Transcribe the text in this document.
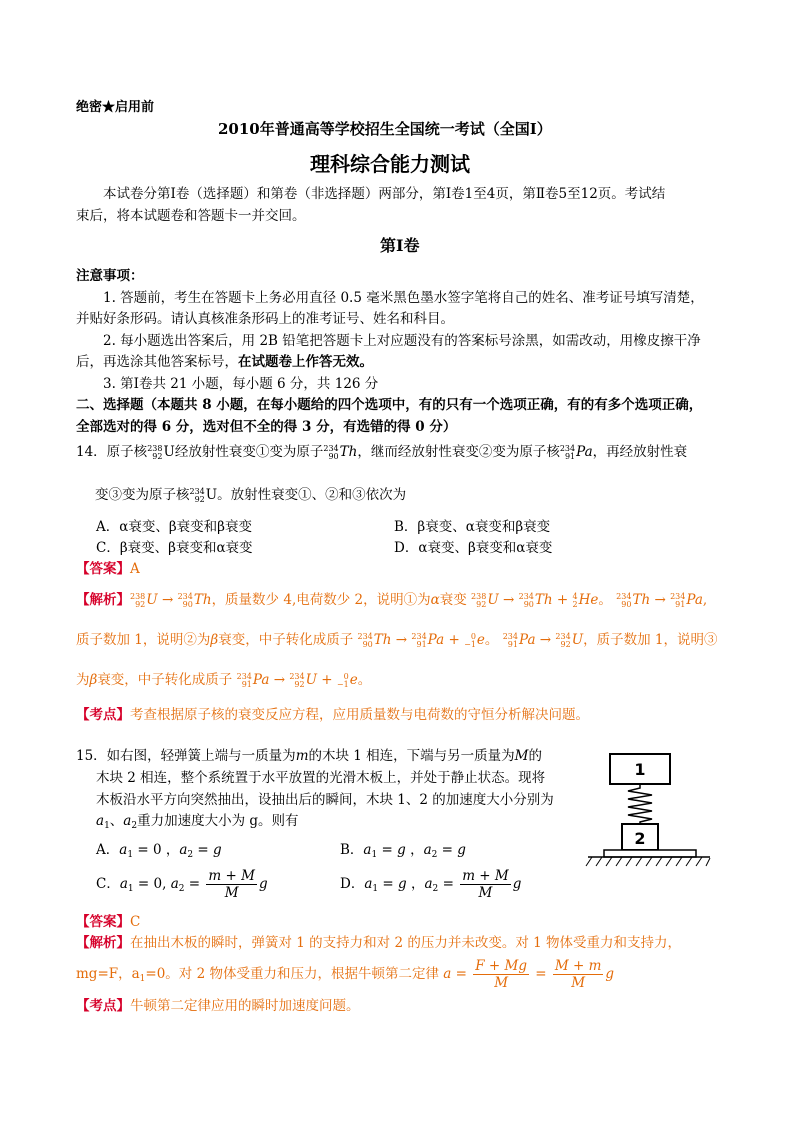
绝密★启用前
2010年普通高等学校招生全国统一考试（全国Ⅰ）
理科综合能力测试
本试卷分第Ⅰ卷（选择题）和第卷（非选择题）两部分，第Ⅰ卷1至4页，第Ⅱ卷5至12页。考试结
束后，将本试题卷和答题卡一并交回。
第Ⅰ卷
注意事项：
1. 答题前，考生在答题卡上务必用直径 0.5 毫米黑色墨水签字笔将自己的姓名、准考证号填写清楚，
并贴好条形码。请认真核准条形码上的准考证号、姓名和科目。
2. 每小题选出答案后，用 2B 铅笔把答题卡上对应题没有的答案标号涂黑，如需改动，用橡皮擦干净
后，再选涂其他答案标号，在试题卷上作答无效。
3. 第Ⅰ卷共 21 小题，每小题 6 分，共 126 分
二、选择题（本题共 8 小题，在每小题给的四个选项中，有的只有一个选项正确，有的有多个选项正确，
全部选对的得 6 分，选对但不全的得 3 分，有选错的得 0 分）
14．原子核 238
92 U经放射性衰变①变为原子 234
90 Th，继而经放射性衰变②变为原子核 234
91 Pa，再经放射性衰
变③变为原子核 234
92 U。放射性衰变①、②和③依次为
A．α衰变、β衰变和β衰变	B．β衰变、α衰变和β衰变
C．β衰变、β衰变和α衰变	D．α衰变、β衰变和α衰变
【答案】A
【解析】 238
92 U → 234
90 Th，质量数少 4,电荷数少 2，说明①为α衰变 238
92 U → 234
90 Th + 4
2 He。 234
90 Th → 234
91 Pa,
质子数加 1，说明②为β衰变，中子转化成质子 234
90 Th → 234
91 Pa + 0
−1 e。 234
91 Pa → 234
92 U，质子数加 1，说明③
为β衰变，中子转化成质子 234
91 Pa → 234
92 U + 0
−1 e。
【考点】考查根据原子核的衰变反应方程，应用质量数与电荷数的守恒分析解决问题。
15．如右图，轻弹簧上端与一质量为m的木块 1 相连，下端与另一质量为M的
木块 2 相连，整个系统置于水平放置的光滑木板上，并处于静止状态。现将
木板沿水平方向突然抽出，设抽出后的瞬间，木块 1、2 的加速度大小分别为
$a_1$、$a_2$重力加速度大小为 g。则有
A．$a_1 = 0$ ，$a_2 = g$	B．$a_1 = g$ ，$a_2 = g$
C．$a_1 = 0$, $a_2 = \frac{m + M}{M}$ g	D．$a_1 = g$ ，$a_2 = \frac{m + M}{M}$ g
【答案】C
【解析】在抽出木板的瞬时，弹簧对 1 的支持力和对 2 的压力并未改变。对 1 物体受重力和支持力，
mg=F，$a_1=0$。对 2 物体受重力和压力，根据牛顿第二定律 $a = \frac{F + Mg}{M} = \frac{M + m}{M}$ g
【考点】牛顿第二定律应用的瞬时加速度问题。
1
2
